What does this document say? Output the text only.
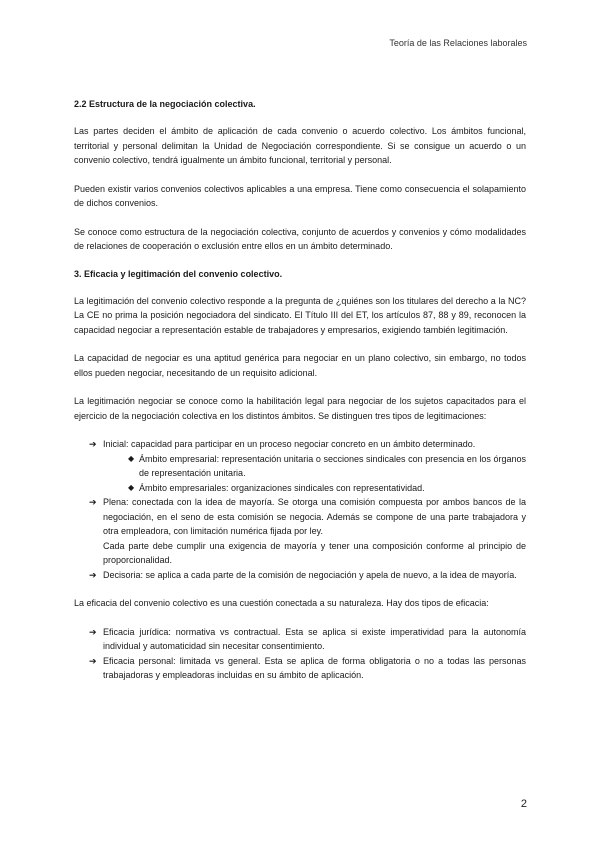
Teoría de las Relaciones laborales
2.2 Estructura de la negociación colectiva.

Las partes deciden el ámbito de aplicación de cada convenio o acuerdo colectivo. Los ámbitos funcional, territorial y personal delimitan la Unidad de Negociación correspondiente. Si se consigue un acuerdo o un convenio colectivo, tendrá igualmente un ámbito funcional, territorial y personal.

Pueden existir varios convenios colectivos aplicables a una empresa. Tiene como consecuencia el solapamiento de dichos convenios.

Se conoce como estructura de la negociación colectiva, conjunto de acuerdos y convenios y cómo modalidades de relaciones de cooperación o exclusión entre ellos en un ámbito determinado.

3. Eficacia y legitimación del convenio colectivo.

La legitimación del convenio colectivo responde a la pregunta de ¿quiénes son los titulares del derecho a la NC? La CE no prima la posición negociadora del sindicato. El Título III del ET, los artículos 87, 88 y 89, reconocen la capacidad negociar a representación estable de trabajadores y empresarios, exigiendo también legitimación.

La capacidad de negociar es una aptitud genérica para negociar en un plano colectivo, sin embargo, no todos ellos pueden negociar, necesitando de un requisito adicional.

La legitimación negociar se conoce como la habilitación legal para negociar de los sujetos capacitados para el ejercicio de la negociación colectiva en los distintos ámbitos. Se distinguen tres tipos de legitimaciones:

➔ Inicial: capacidad para participar en un proceso negociar concreto en un ámbito determinado.
◆ Ámbito empresarial: representación unitaria o secciones sindicales con presencia en los órganos de representación unitaria.
◆ Ámbito empresariales: organizaciones sindicales con representatividad.
➔ Plena: conectada con la idea de mayoría. Se otorga una comisión compuesta por ambos bancos de la negociación, en el seno de esta comisión se negocia. Además se compone de una parte trabajadora y otra empleadora, con limitación numérica fijada por ley.
Cada parte debe cumplir una exigencia de mayoría y tener una composición conforme al principio de proporcionalidad.
➔ Decisoria: se aplica a cada parte de la comisión de negociación y apela de nuevo, a la idea de mayoría.

La eficacia del convenio colectivo es una cuestión conectada a su naturaleza. Hay dos tipos de eficacia:

➔ Eficacia jurídica: normativa vs contractual. Esta se aplica si existe imperatividad para la autonomía individual y automaticidad sin necesitar consentimiento.
➔ Eficacia personal: limitada vs general. Esta se aplica de forma obligatoria o no a todas las personas trabajadoras y empleadoras incluidas en su ámbito de aplicación.
2
